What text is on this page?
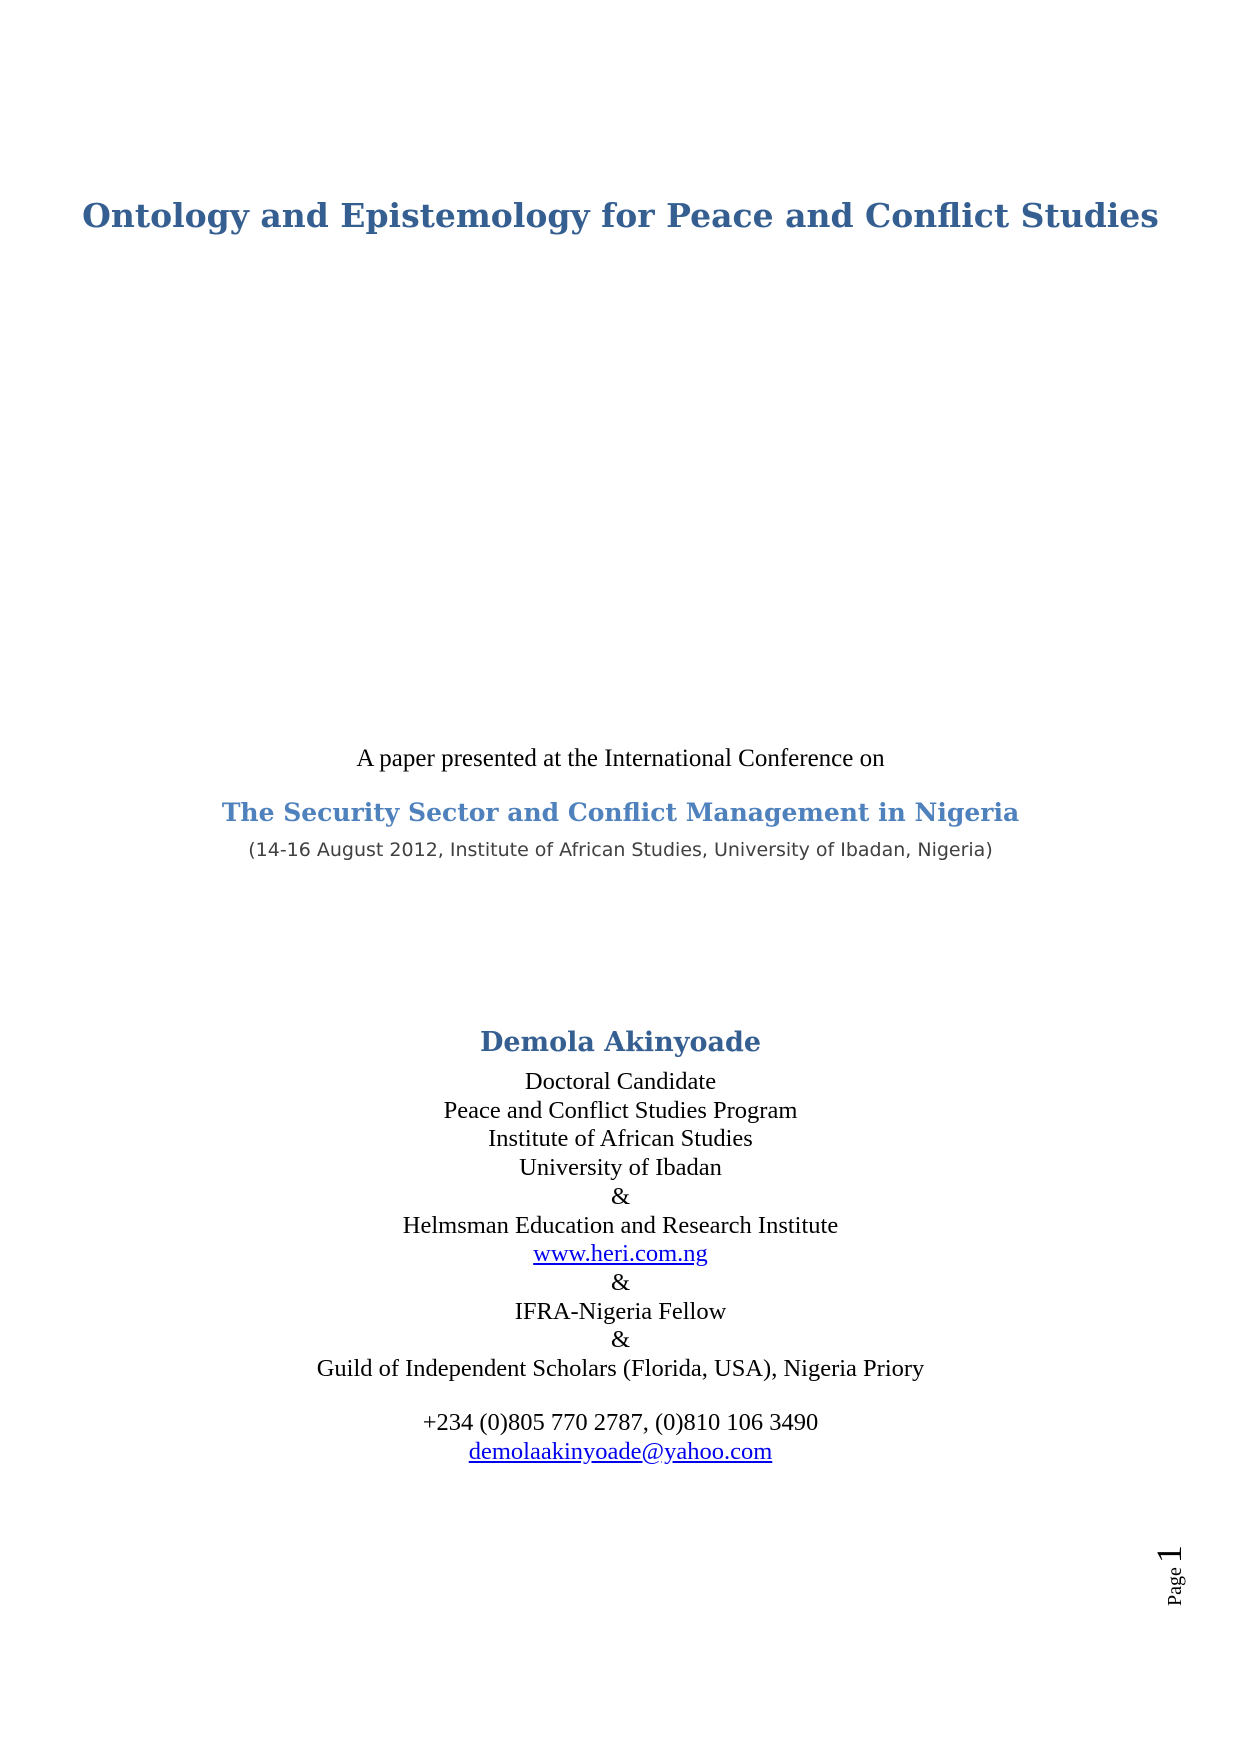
Ontology and Epistemology for Peace and Conflict Studies
A paper presented at the International Conference on
The Security Sector and Conflict Management in Nigeria
(14-16 August 2012, Institute of African Studies, University of Ibadan, Nigeria)
Demola Akinyoade
Doctoral Candidate
Peace and Conflict Studies Program
Institute of African Studies
University of Ibadan
&
Helmsman Education and Research Institute
www.heri.com.ng
&
IFRA-Nigeria Fellow
&
Guild of Independent Scholars (Florida, USA), Nigeria Priory
+234 (0)805 770 2787, (0)810 106 3490
demolaakinyoade@yahoo.com
Page1
